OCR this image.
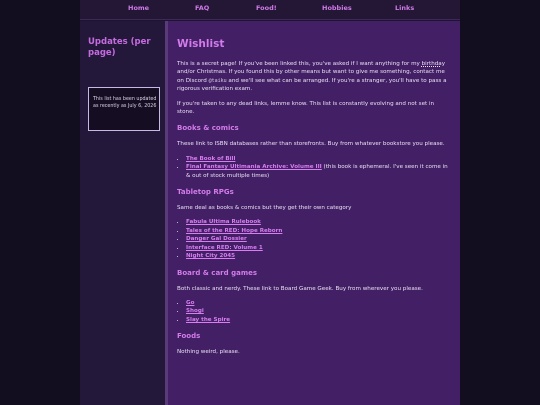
Home	FAQ	Food!	Hobbies	Links
Updates (per page)
This list has been updated as recently as July 6, 2026
Wishlist

This is a secret page! If you've been linked this, you've asked if I want anything for my birthday and/or Christmas. If you found this by other means but want to give me something, contact me on Discord @taiku and we'll see what can be arranged. If you're a stranger, you'll have to pass a rigorous verification exam.

If you're taken to any dead links, lemme know. This list is constantly evolving and not set in stone.

Books & comics

These link to ISBN databases rather than storefronts. Buy from whatever bookstore you please.

• The Book of Bill
• Final Fantasy Ultimania Archive: Volume III (this book is ephemeral. I've seen it come in & out of stock multiple times)
Tabletop RPGs

Same deal as books & comics but they get their own category

• Fabula Ultima Rulebook
• Tales of the RED: Hope Reborn
• Danger Gal Dossier
• Interface RED: Volume 1
• Night City 2045
Board & card games

Both classic and nerdy. These link to Board Game Geek. Buy from wherever you please.

• Go
• Shogi
• Slay the Spire
Foods

Nothing weird, please.
